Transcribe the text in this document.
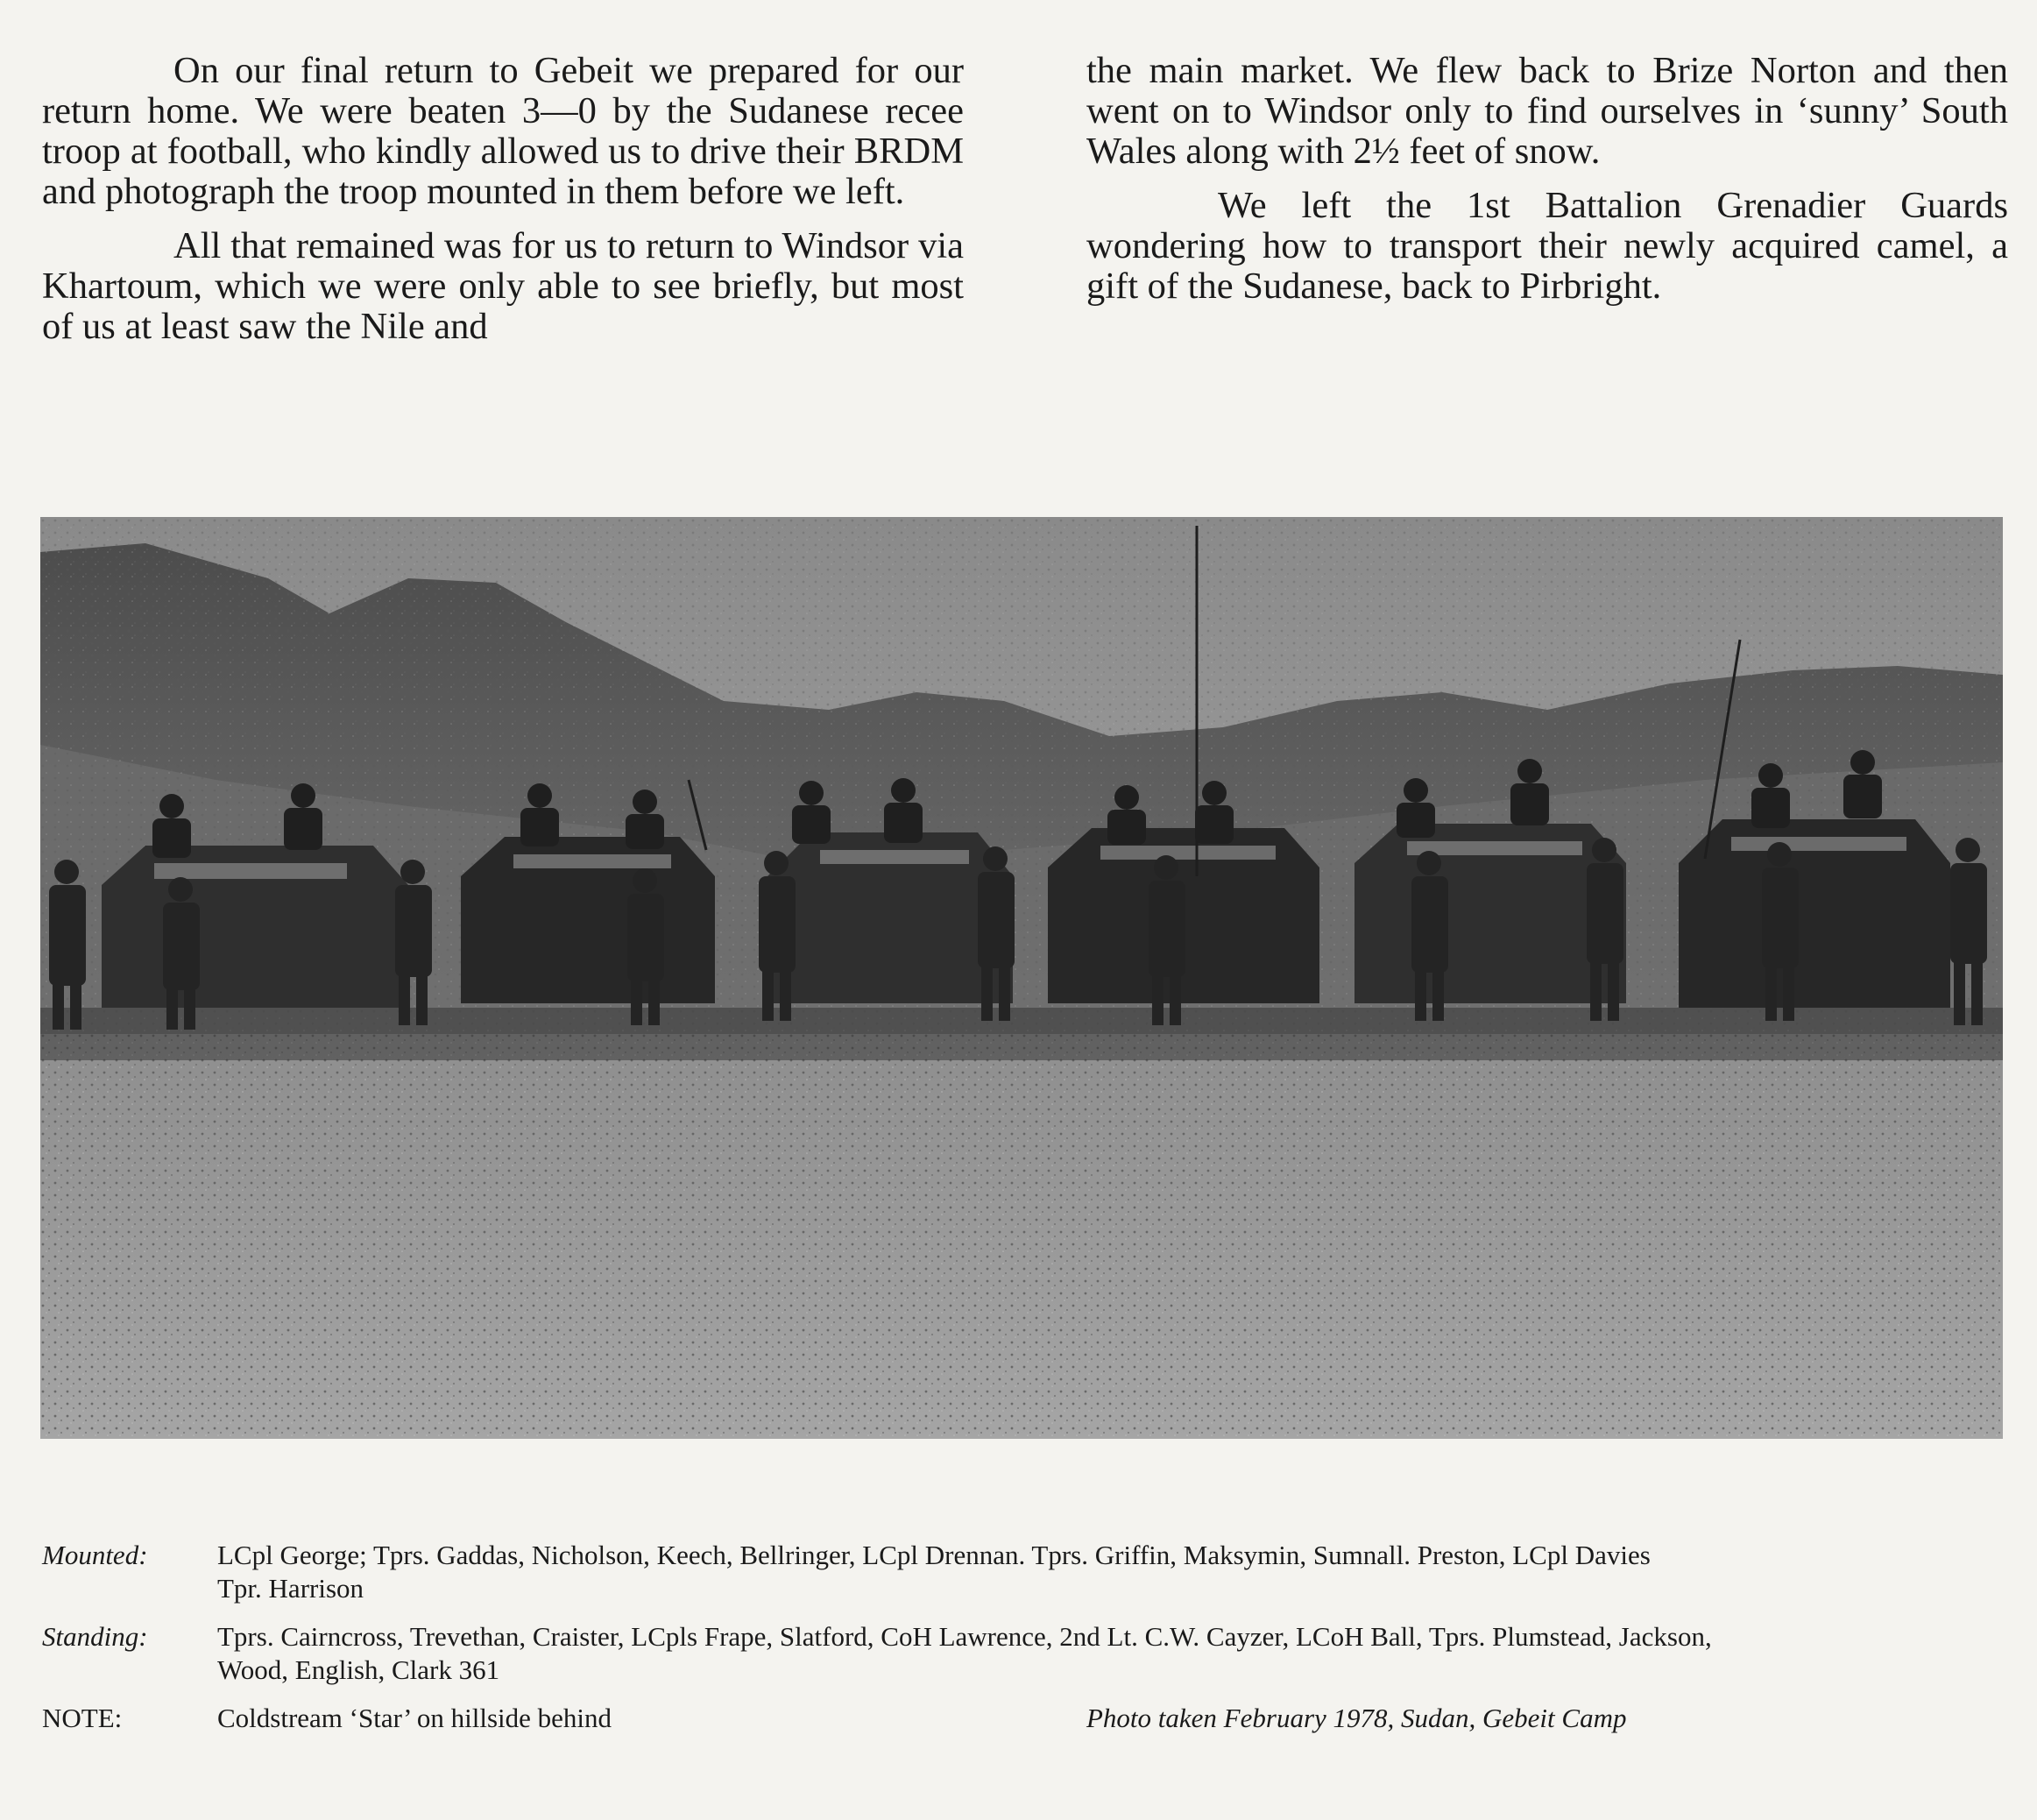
On our final return to Gebeit we prepared for our return home. We were beaten 3—0 by the Sudanese recee troop at football, who kindly allowed us to drive their BRDM and photograph the troop mounted in them before we left.

All that remained was for us to return to Windsor via Khartoum, which we were only able to see briefly, but most of us at least saw the Nile and

the main market. We flew back to Brize Norton and then went on to Windsor only to find ourselves in ‘sunny’ South Wales along with 2½ feet of snow.

We left the 1st Battalion Grenadier Guards wondering how to transport their newly acquired camel, a gift of the Sudanese, back to Pirbright.

Mounted:	LCpl George; Tprs. Gaddas, Nicholson, Keech, Bellringer, LCpl Drennan. Tprs. Griffin, Maksymin, Sumnall. Preston, LCpl Davies
Tpr. Harrison
Standing:	Tprs. Cairncross, Trevethan, Craister, LCpls Frape, Slatford, CoH Lawrence, 2nd Lt. C.W. Cayzer, LCoH Ball, Tprs. Plumstead, Jackson,
Wood, English, Clark 361
NOTE:	Coldstream ‘Star’ on hillside behind	Photo taken February 1978, Sudan, Gebeit Camp
